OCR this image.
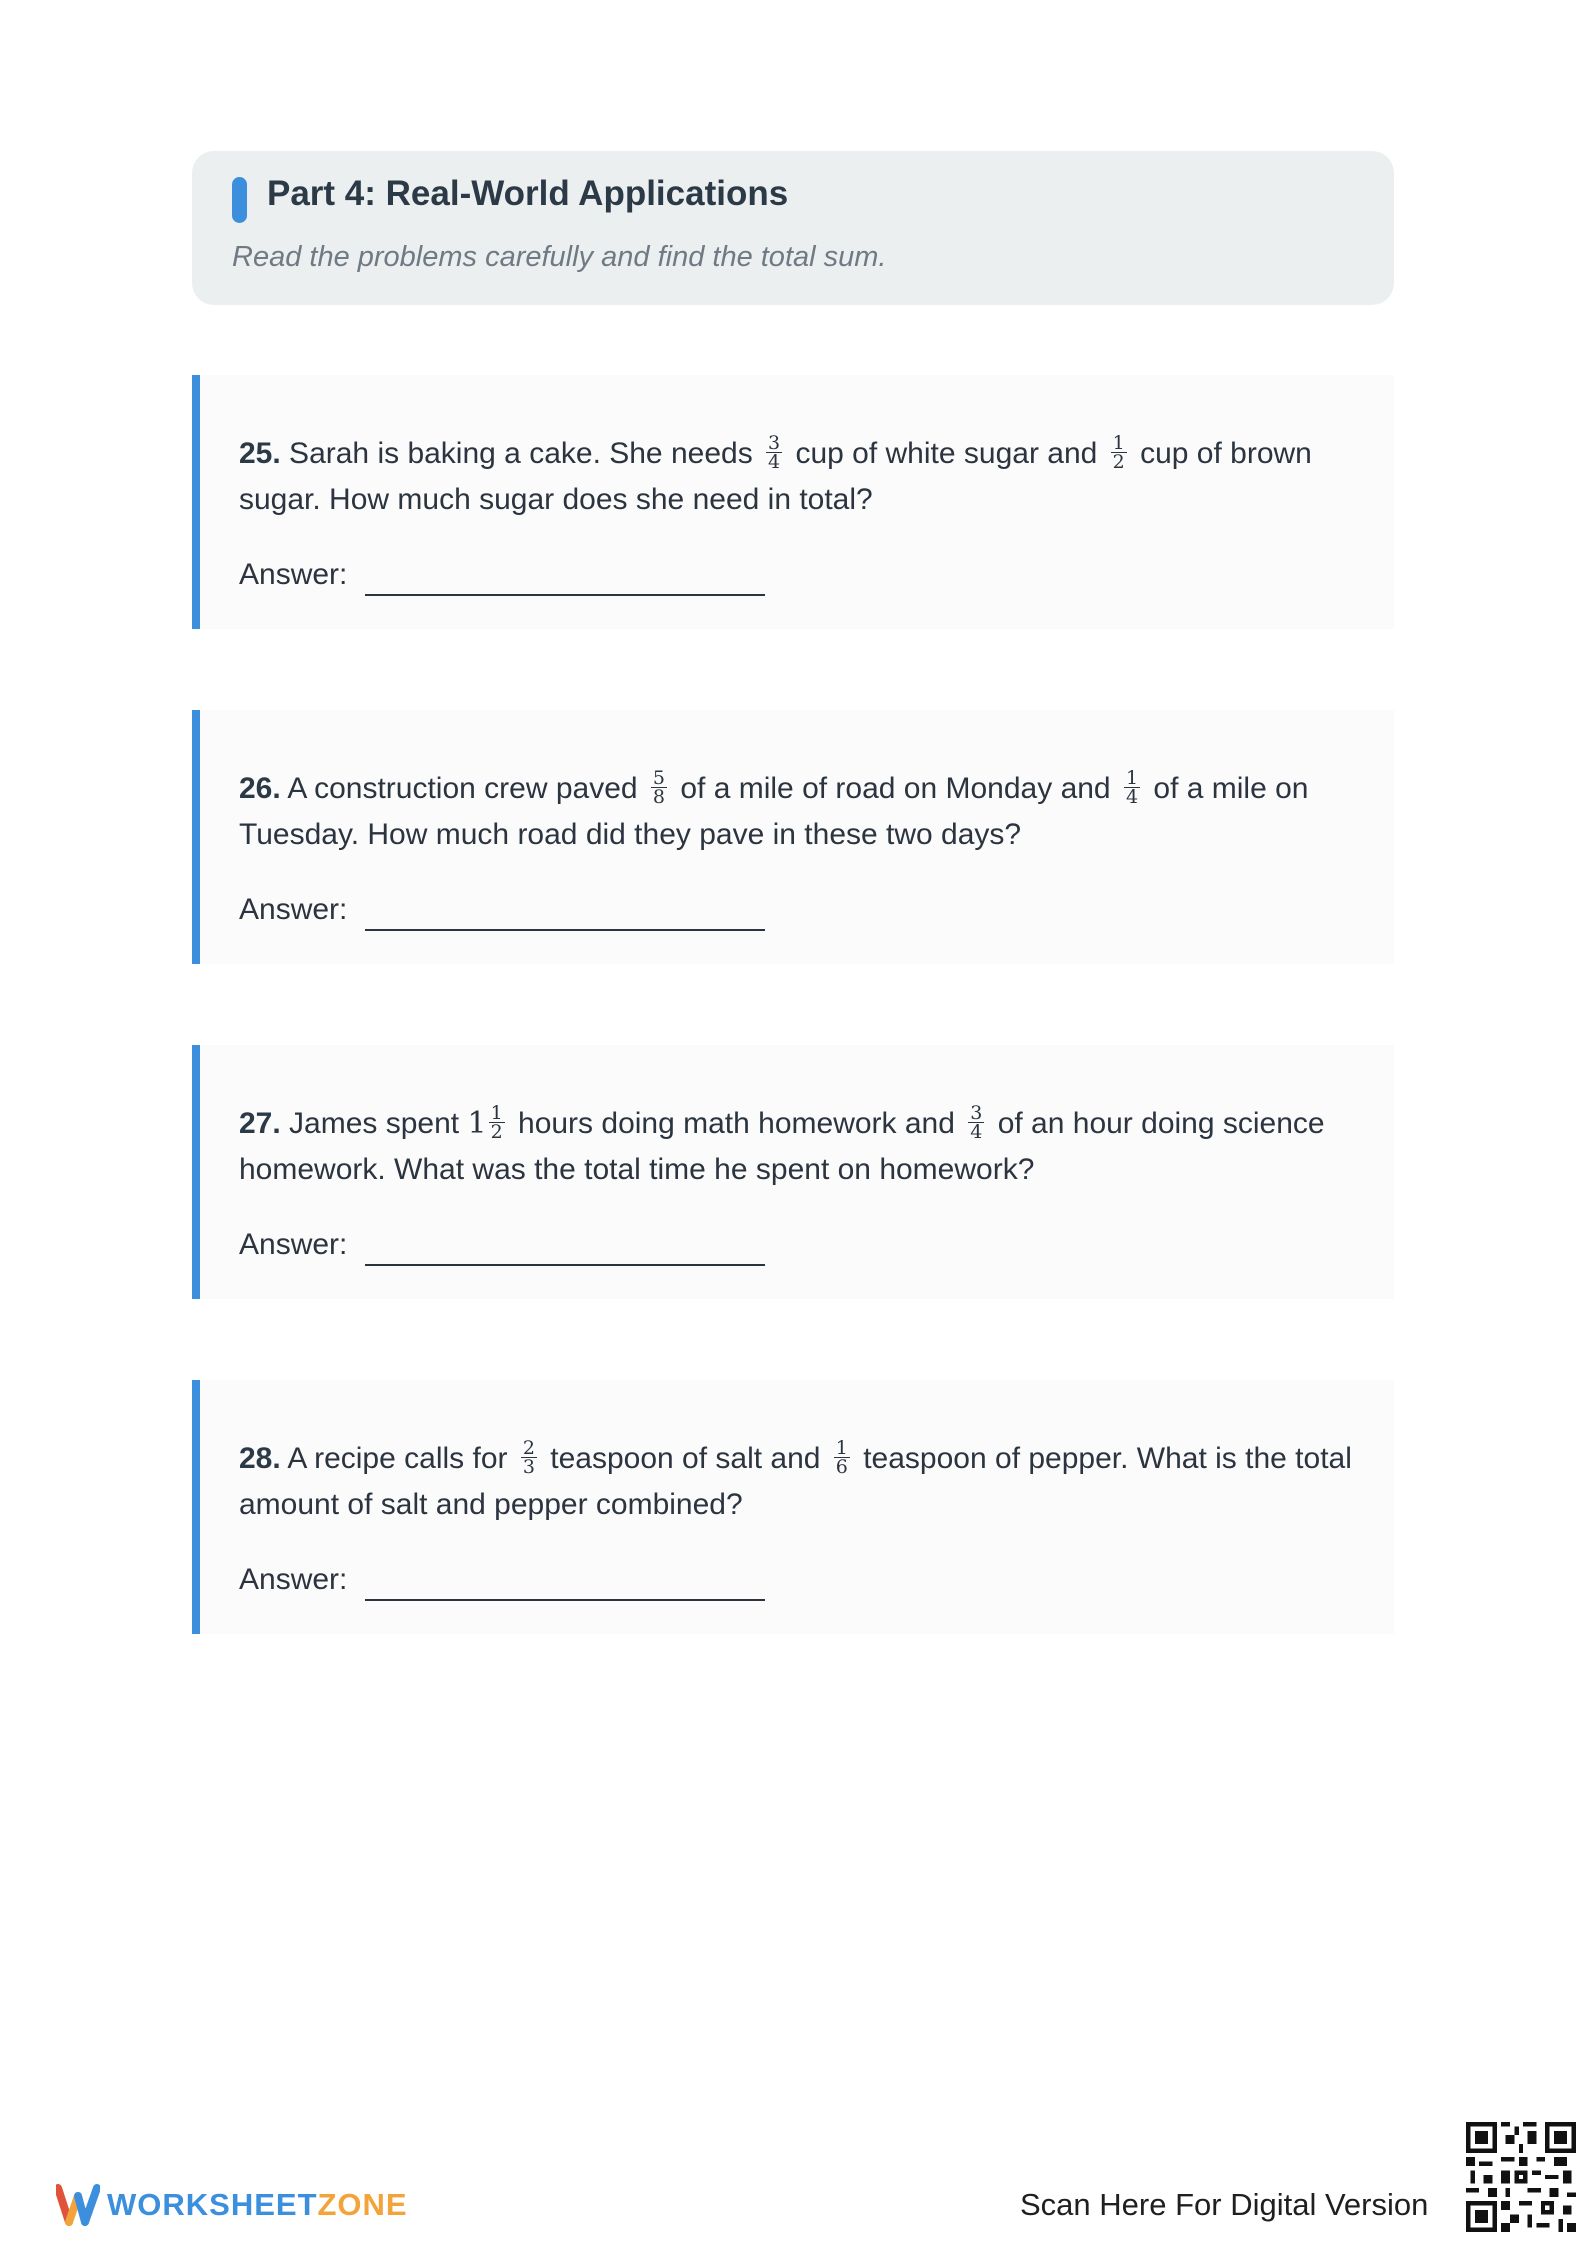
Part 4: Real-World Applications
Read the problems carefully and find the total sum.
25. Sarah is baking a cake. She needs $\frac{3}{4}$ cup of white sugar and $\frac{1}{2}$ cup of brown sugar. How much sugar does she need in total?
Answer:
26. A construction crew paved $\frac{5}{8}$ of a mile of road on Monday and $\frac{1}{4}$ of a mile on Tuesday. How much road did they pave in these two days?
Answer:
27. James spent $1 \frac{1}{2}$ hours doing math homework and $\frac{3}{4}$ of an hour doing science homework. What was the total time he spent on homework?
Answer:
28. A recipe calls for $\frac{2}{3}$ teaspoon of salt and $\frac{1}{6}$ teaspoon of pepper. What is the total amount of salt and pepper combined?
Answer:
WORKSHEETZONE	Scan Here For Digital Version
